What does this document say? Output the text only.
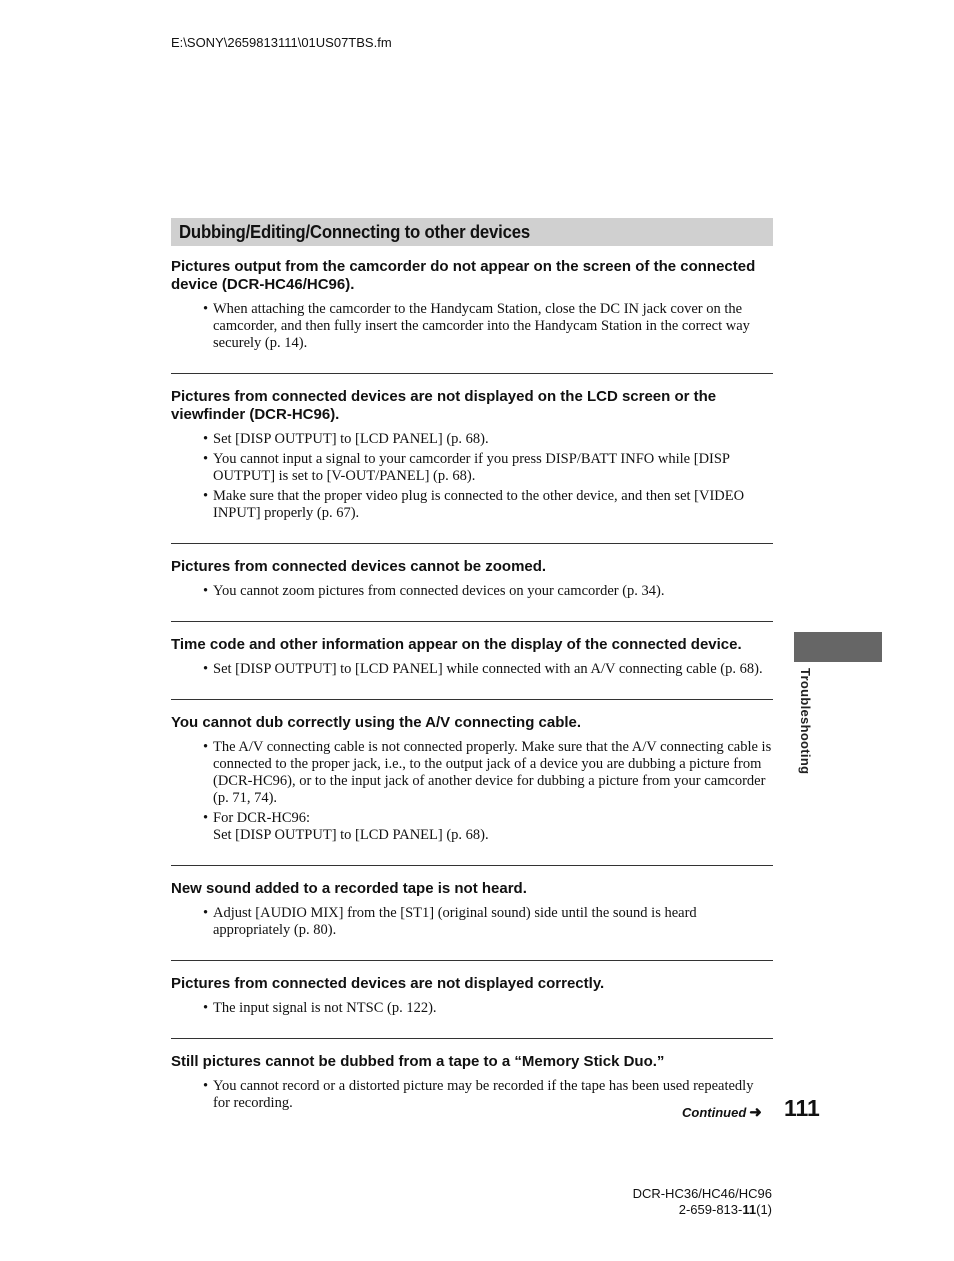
E:\SONY\2659813111\01US07TBS.fm
Dubbing/Editing/Connecting to other devices

Pictures output from the camcorder do not appear on the screen of the connected device (DCR-HC46/HC96).

• When attaching the camcorder to the Handycam Station, close the DC IN jack cover on the camcorder, and then fully insert the camcorder into the Handycam Station in the correct way securely (p. 14).

Pictures from connected devices are not displayed on the LCD screen or the viewfinder (DCR-HC96).

• Set [DISP OUTPUT] to [LCD PANEL] (p. 68).
• You cannot input a signal to your camcorder if you press DISP/BATT INFO while [DISP OUTPUT] is set to [V-OUT/PANEL] (p. 68).
• Make sure that the proper video plug is connected to the other device, and then set [VIDEO INPUT] properly (p. 67).

Pictures from connected devices cannot be zoomed.

• You cannot zoom pictures from connected devices on your camcorder (p. 34).

Time code and other information appear on the display of the connected device.

• Set [DISP OUTPUT] to [LCD PANEL] while connected with an A/V connecting cable (p. 68).

You cannot dub correctly using the A/V connecting cable.

• The A/V connecting cable is not connected properly. Make sure that the A/V connecting cable is connected to the proper jack, i.e., to the output jack of a device you are dubbing a picture from (DCR-HC96), or to the input jack of another device for dubbing a picture from your camcorder (p. 71, 74).
• For DCR-HC96:
Set [DISP OUTPUT] to [LCD PANEL] (p. 68).

New sound added to a recorded tape is not heard.

• Adjust [AUDIO MIX] from the [ST1] (original sound) side until the sound is heard appropriately (p. 80).

Pictures from connected devices are not displayed correctly.

• The input signal is not NTSC (p. 122).

Still pictures cannot be dubbed from a tape to a “Memory Stick Duo.”

• You cannot record or a distorted picture may be recorded if the tape has been used repeatedly for recording.
Troubleshooting
Continued ➜ 111
DCR-HC36/HC46/HC96
2-659-813-11(1)
